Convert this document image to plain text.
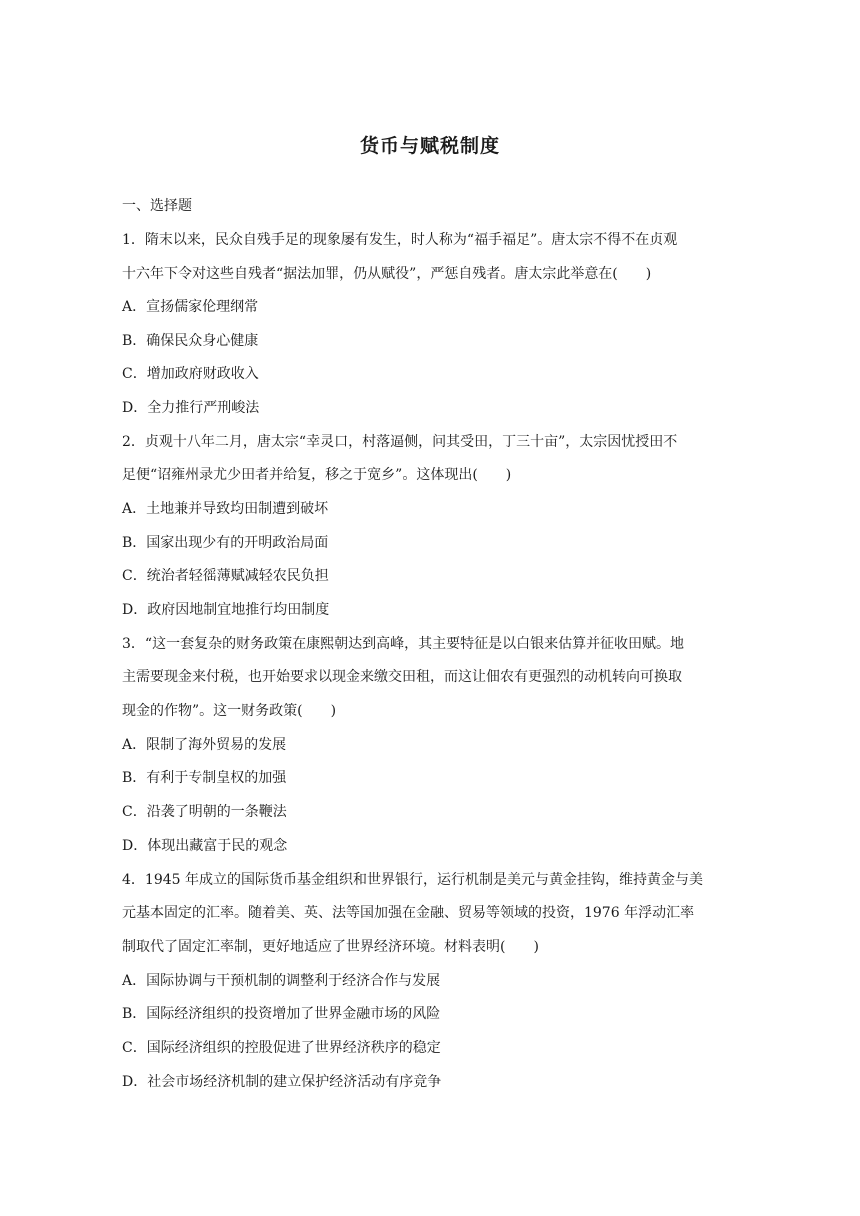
货币与赋税制度
一、选择题
1．隋末以来，民众自残手足的现象屡有发生，时人称为“福手福足”。唐太宗不得不在贞观
十六年下令对这些自残者“据法加罪，仍从赋役”，严惩自残者。唐太宗此举意在(　　)
A．宣扬儒家伦理纲常
B．确保民众身心健康
C．增加政府财政收入
D．全力推行严刑峻法
2．贞观十八年二月，唐太宗“幸灵口，村落逼侧，问其受田，丁三十亩”，太宗因忧授田不
足便“诏雍州录尤少田者并给复，移之于宽乡”。这体现出(　　)
A．土地兼并导致均田制遭到破坏
B．国家出现少有的开明政治局面
C．统治者轻徭薄赋减轻农民负担
D．政府因地制宜地推行均田制度
3．“这一套复杂的财务政策在康熙朝达到高峰，其主要特征是以白银来估算并征收田赋。地
主需要现金来付税，也开始要求以现金来缴交田租，而这让佃农有更强烈的动机转向可换取
现金的作物”。这一财务政策(　　)
A．限制了海外贸易的发展
B．有利于专制皇权的加强
C．沿袭了明朝的一条鞭法
D．体现出藏富于民的观念
4．1945 年成立的国际货币基金组织和世界银行，运行机制是美元与黄金挂钩，维持黄金与美
元基本固定的汇率。随着美、英、法等国加强在金融、贸易等领域的投资，1976 年浮动汇率
制取代了固定汇率制，更好地适应了世界经济环境。材料表明(　　)
A．国际协调与干预机制的调整利于经济合作与发展
B．国际经济组织的投资增加了世界金融市场的风险
C．国际经济组织的控股促进了世界经济秩序的稳定
D．社会市场经济机制的建立保护经济活动有序竞争
